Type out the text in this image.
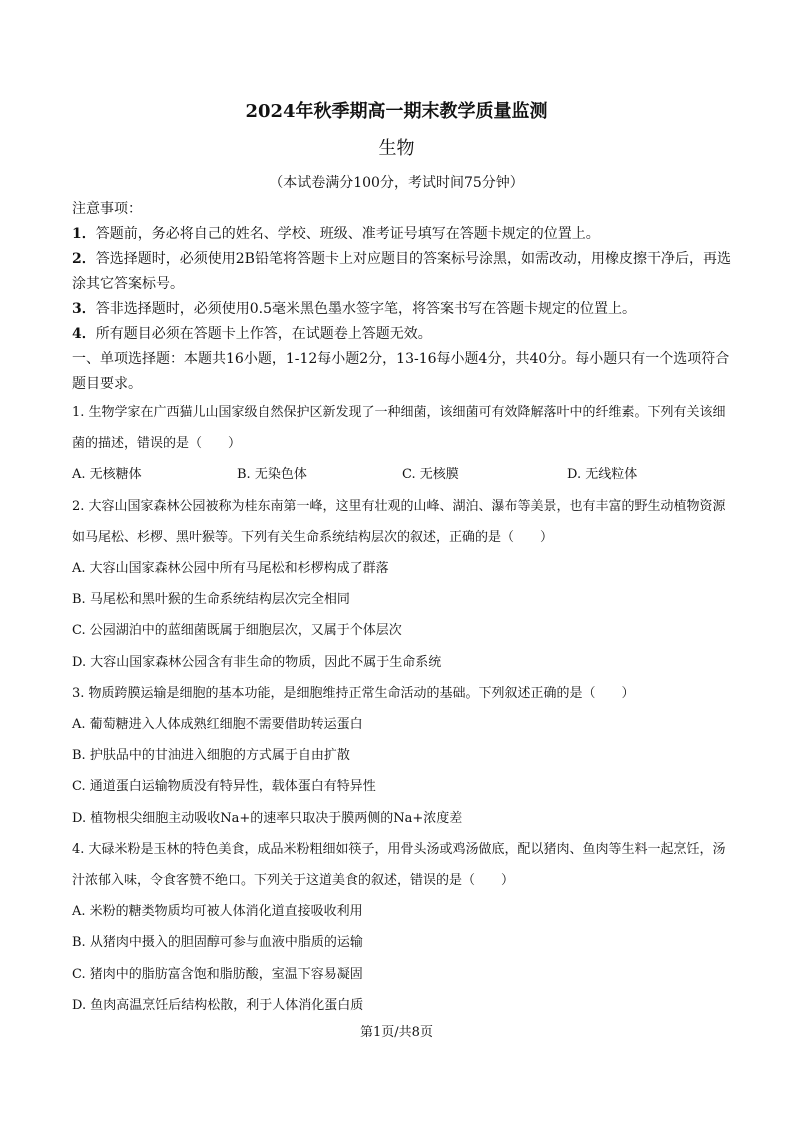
2024年秋季期高一期末教学质量监测
生物
（本试卷满分100分，考试时间75分钟）

注意事项：

1．答题前，务必将自己的姓名、学校、班级、准考证号填写在答题卡规定的位置上。

2．答选择题时，必须使用2B铅笔将答题卡上对应题目的答案标号涂黑，如需改动，用橡皮擦干净后，再选涂其它答案标号。

3．答非选择题时，必须使用0.5毫米黑色墨水签字笔，将答案书写在答题卡规定的位置上。

4．所有题目必须在答题卡上作答，在试题卷上答题无效。

一、单项选择题：本题共16小题，1-12每小题2分，13-16每小题4分，共40分。每小题只有一个选项符合题目要求。

1. 生物学家在广西猫儿山国家级自然保护区新发现了一种细菌，该细菌可有效降解落叶中的纤维素。下列有关该细菌的描述，错误的是（　　）

A. 无核糖体	B. 无染色体	C. 无核膜	D. 无线粒体

2. 大容山国家森林公园被称为桂东南第一峰，这里有壮观的山峰、湖泊、瀑布等美景，也有丰富的野生动植物资源如马尾松、杉椤、黑叶猴等。下列有关生命系统结构层次的叙述，正确的是（　　）

A. 大容山国家森林公园中所有马尾松和杉椤构成了群落

B. 马尾松和黑叶猴的生命系统结构层次完全相同

C. 公园湖泊中的蓝细菌既属于细胞层次，又属于个体层次

D. 大容山国家森林公园含有非生命的物质，因此不属于生命系统

3. 物质跨膜运输是细胞的基本功能，是细胞维持正常生命活动的基础。下列叙述正确的是（　　）

A. 葡萄糖进入人体成熟红细胞不需要借助转运蛋白

B. 护肤品中的甘油进入细胞的方式属于自由扩散

C. 通道蛋白运输物质没有特异性，载体蛋白有特异性

D. 植物根尖细胞主动吸收Na+的速率只取决于膜两侧的Na+浓度差

4. 大碌米粉是玉林的特色美食，成品米粉粗细如筷子，用骨头汤或鸡汤做底，配以猪肉、鱼肉等生料一起烹饪，汤汁浓郁入味，令食客赞不绝口。下列关于这道美食的叙述，错误的是（　　）

A. 米粉的糖类物质均可被人体消化道直接吸收利用

B. 从猪肉中摄入的胆固醇可参与血液中脂质的运输

C. 猪肉中的脂肪富含饱和脂肪酸，室温下容易凝固

D. 鱼肉高温烹饪后结构松散，利于人体消化蛋白质

第1页/共8页
